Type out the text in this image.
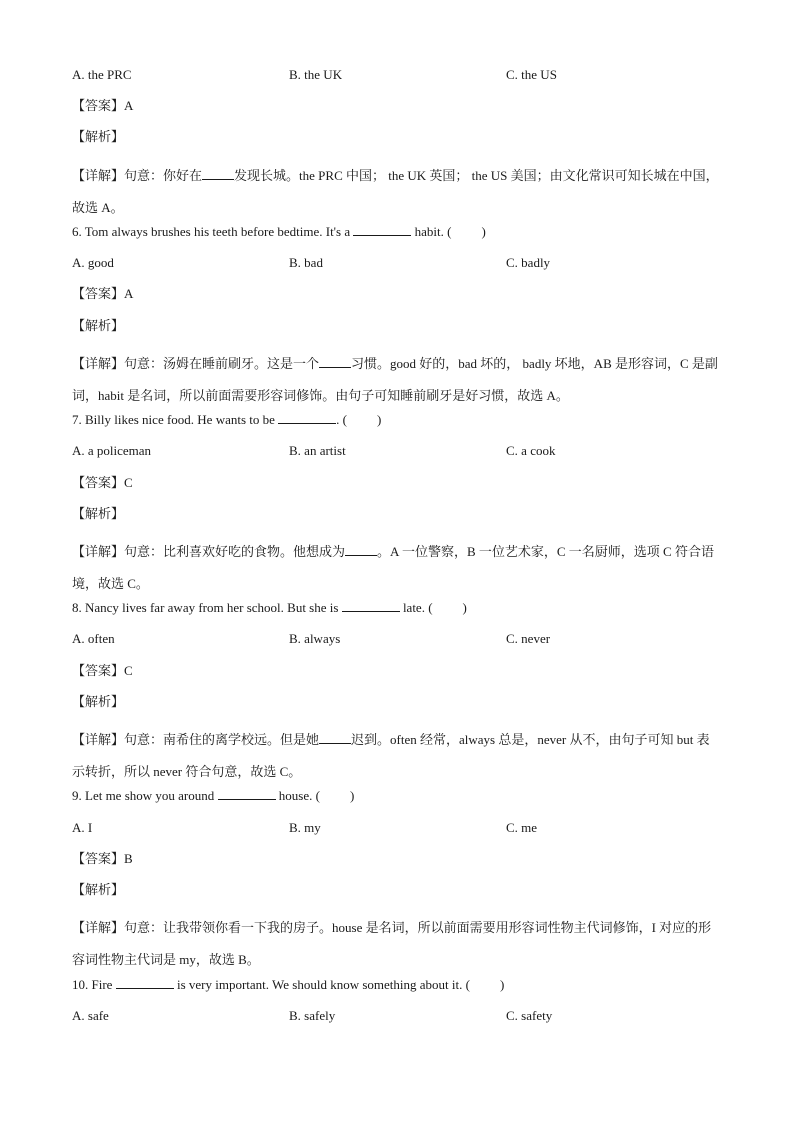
A. the PRC	B. the UK	C. the US
【答案】A
【解析】
【详解】句意：你好在 发现长城。the PRC 中国； the UK 英国； the US 美国；由文化常识可知长城在中国，故选 A。
6. Tom always brushes his teeth before bedtime. It's a	habit. ( )
A. good	B. bad	C. badly
【答案】A
【解析】
【详解】句意：汤姆在睡前刷牙。这是一个 习惯。good 好的，bad 坏的， badly 坏地，AB 是形容词，C 是副词，habit 是名词，所以前面需要形容词修饰。由句子可知睡前刷牙是好习惯，故选 A。
7. Billy likes nice food. He wants to be	. ( )
A. a policeman	B. an artist	C. a cook
【答案】C
【解析】
【详解】句意：比利喜欢好吃的食物。他想成为 。A 一位警察，B 一位艺术家，C 一名厨师，选项 C 符合语境，故选 C。
8. Nancy lives far away from her school. But she is	late. ( )
A. often	B. always	C. never
【答案】C
【解析】
【详解】句意：南希住的离学校远。但是她 迟到。often 经常，always 总是，never 从不，由句子可知 but 表示转折，所以 never 符合句意，故选 C。
9. Let me show you around	house. ( )
A. I	B. my	C. me
【答案】B
【解析】
【详解】句意：让我带领你看一下我的房子。house 是名词，所以前面需要用形容词性物主代词修饰，I 对应的形容词性物主代词是 my，故选 B。
10. Fire	is very important. We should know something about it. ( )
A. safe	B. safely	C. safety
